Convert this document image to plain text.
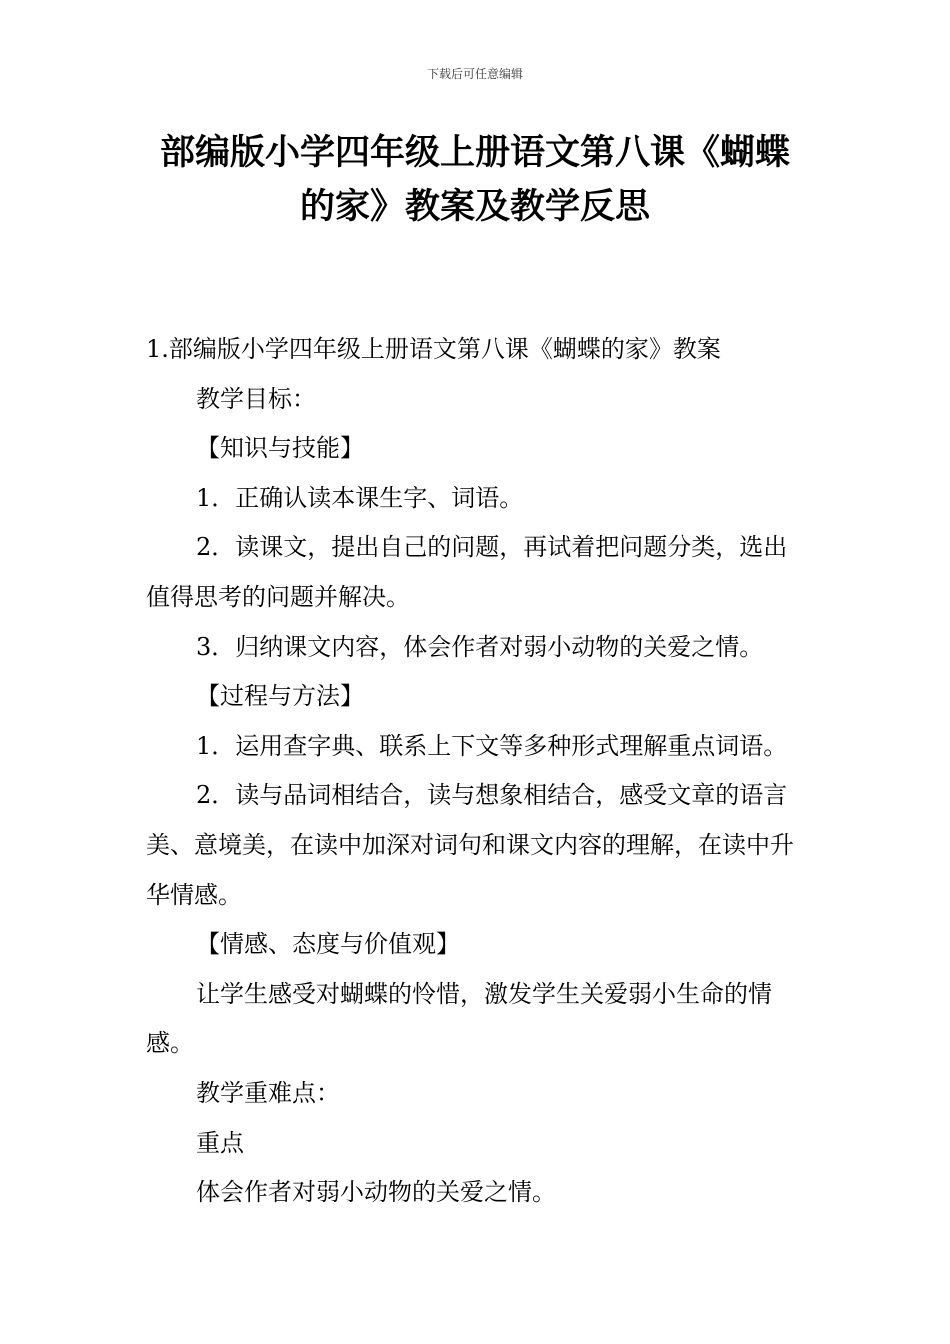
下载后可任意编辑
部编版小学四年级上册语文第八课《蝴蝶
的家》教案及教学反思

1.部编版小学四年级上册语文第八课《蝴蝶的家》教案

教学目标：

【知识与技能】

1．正确认读本课生字、词语。

2．读课文，提出自己的问题，再试着把问题分类，选出值得思考的问题并解决。

3．归纳课文内容，体会作者对弱小动物的关爱之情。

【过程与方法】

1．运用查字典、联系上下文等多种形式理解重点词语。

2．读与品词相结合，读与想象相结合，感受文章的语言美、意境美，在读中加深对词句和课文内容的理解，在读中升华情感。

【情感、态度与价值观】

让学生感受对蝴蝶的怜惜，激发学生关爱弱小生命的情感。

教学重难点：

重点

体会作者对弱小动物的关爱之情。
